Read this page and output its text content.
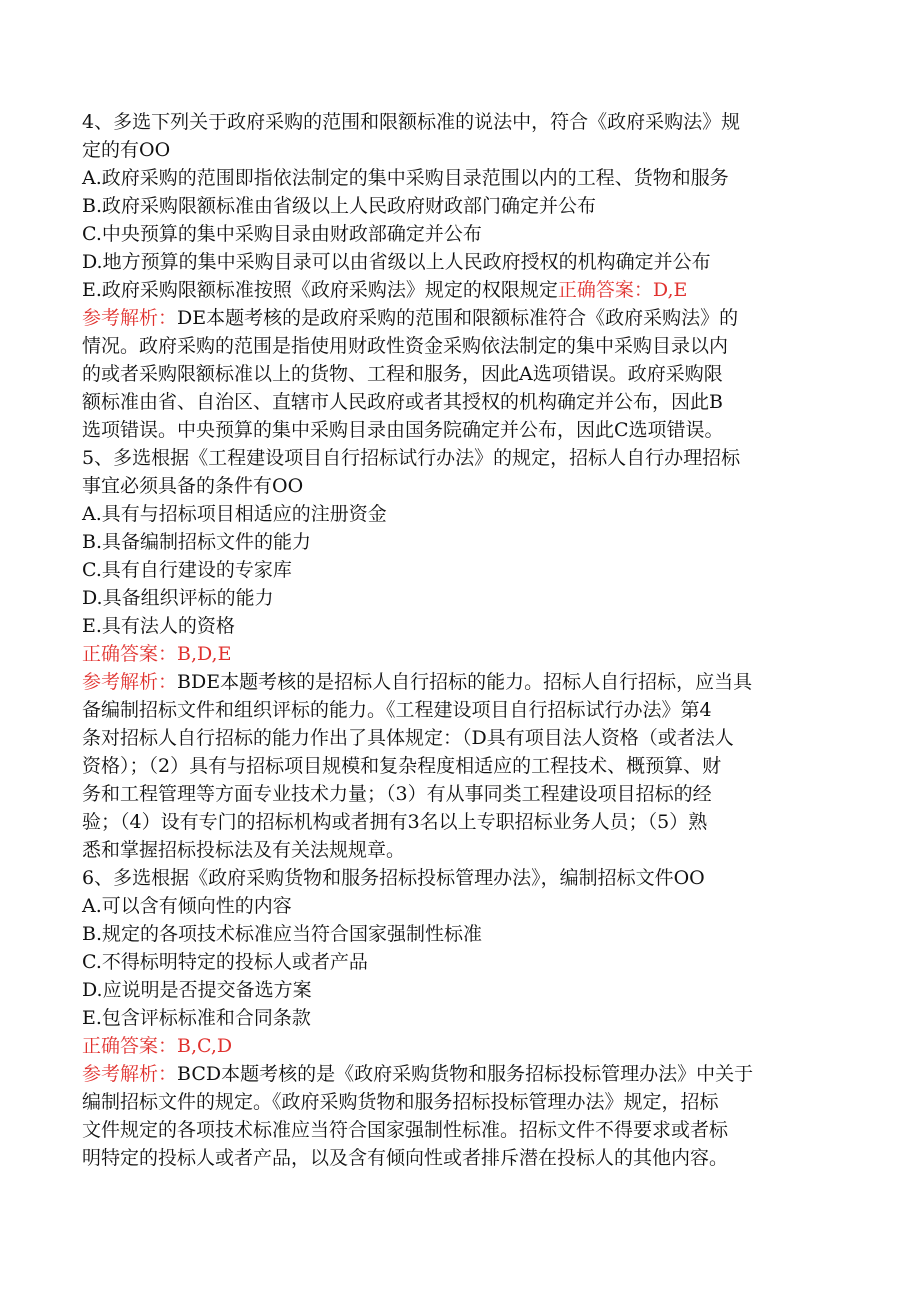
4、多选下列关于政府采购的范围和限额标准的说法中，符合《政府采购法》规
定的有OO
A.政府采购的范围即指依法制定的集中采购目录范围以内的工程、货物和服务
B.政府采购限额标准由省级以上人民政府财政部门确定并公布
C.中央预算的集中采购目录由财政部确定并公布
D.地方预算的集中采购目录可以由省级以上人民政府授权的机构确定并公布
E.政府采购限额标准按照《政府采购法》规定的权限规定正确答案：D,E
参考解析：DE本题考核的是政府采购的范围和限额标准符合《政府采购法》的
情况。政府采购的范围是指使用财政性资金采购依法制定的集中采购目录以内
的或者采购限额标准以上的货物、工程和服务，因此A选项错误。政府采购限
额标准由省、自治区、直辖市人民政府或者其授权的机构确定并公布，因此B
选项错误。中央预算的集中采购目录由国务院确定并公布，因此C选项错误。
5、多选根据《工程建设项目自行招标试行办法》的规定，招标人自行办理招标
事宜必须具备的条件有OO
A.具有与招标项目相适应的注册资金
B.具备编制招标文件的能力
C.具有自行建设的专家库
D.具备组织评标的能力
E.具有法人的资格
正确答案：B,D,E
参考解析：BDE本题考核的是招标人自行招标的能力。招标人自行招标，应当具
备编制招标文件和组织评标的能力。《工程建设项目自行招标试行办法》第4
条对招标人自行招标的能力作出了具体规定：（D具有项目法人资格（或者法人
资格）；（2）具有与招标项目规模和复杂程度相适应的工程技术、概预算、财
务和工程管理等方面专业技术力量；（3）有从事同类工程建设项目招标的经
验；（4）设有专门的招标机构或者拥有3名以上专职招标业务人员；（5）熟
悉和掌握招标投标法及有关法规规章。
6、多选根据《政府采购货物和服务招标投标管理办法》，编制招标文件OO
A.可以含有倾向性的内容
B.规定的各项技术标准应当符合国家强制性标准
C.不得标明特定的投标人或者产品
D.应说明是否提交备选方案
E.包含评标标准和合同条款
正确答案：B,C,D
参考解析：BCD本题考核的是《政府采购货物和服务招标投标管理办法》中关于
编制招标文件的规定。《政府采购货物和服务招标投标管理办法》规定，招标
文件规定的各项技术标准应当符合国家强制性标准。招标文件不得要求或者标
明特定的投标人或者产品，以及含有倾向性或者排斥潜在投标人的其他内容。
